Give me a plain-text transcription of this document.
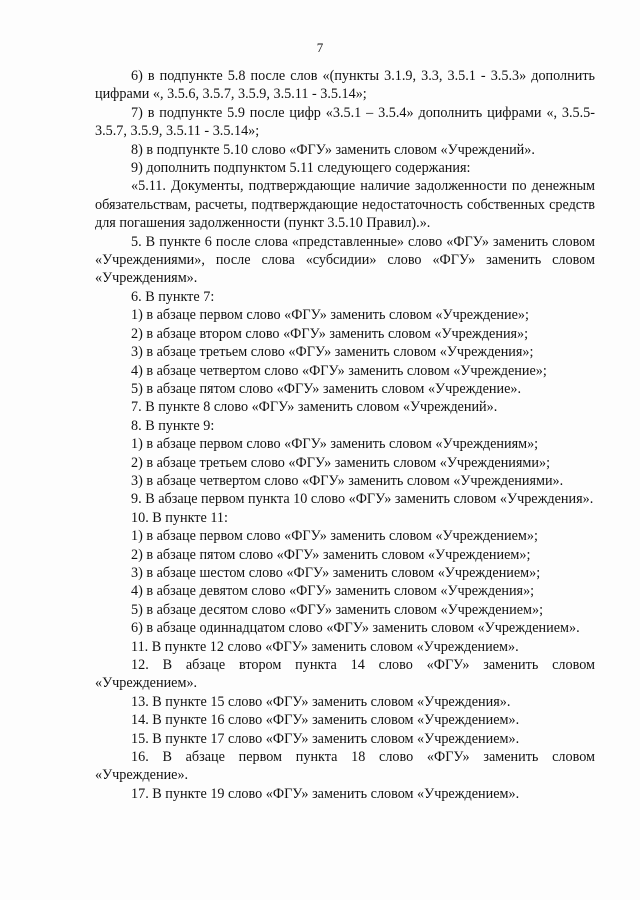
7

6) в подпункте 5.8 после слов «(пункты 3.1.9, 3.3, 3.5.1 - 3.5.3» дополнить цифрами «, 3.5.6, 3.5.7, 3.5.9, 3.5.11 - 3.5.14»;

7) в подпункте 5.9 после цифр «3.5.1 – 3.5.4» дополнить цифрами «, 3.5.5-3.5.7, 3.5.9, 3.5.11 - 3.5.14»;

8) в подпункте 5.10 слово «ФГУ» заменить словом «Учреждений».

9) дополнить подпунктом 5.11 следующего содержания:

«5.11. Документы, подтверждающие наличие задолженности по денежным обязательствам, расчеты, подтверждающие недостаточность собственных средств для погашения задолженности (пункт 3.5.10 Правил).».

5. В пункте 6 после слова «представленные» слово «ФГУ» заменить словом «Учреждениями», после слова «субсидии» слово «ФГУ» заменить словом «Учреждениям».

6. В пункте 7:

1) в абзаце первом слово «ФГУ» заменить словом «Учреждение»;

2) в абзаце втором слово «ФГУ» заменить словом «Учреждения»;

3) в абзаце третьем слово «ФГУ» заменить словом «Учреждения»;

4) в абзаце четвертом слово «ФГУ» заменить словом «Учреждение»;

5) в абзаце пятом слово «ФГУ» заменить словом «Учреждение».

7. В пункте 8 слово «ФГУ» заменить словом «Учреждений».

8. В пункте 9:

1) в абзаце первом слово «ФГУ» заменить словом «Учреждениям»;

2) в абзаце третьем слово «ФГУ» заменить словом «Учреждениями»;

3) в абзаце четвертом слово «ФГУ» заменить словом «Учреждениями».

9. В абзаце первом пункта 10 слово «ФГУ» заменить словом «Учреждения».

10. В пункте 11:

1) в абзаце первом слово «ФГУ» заменить словом «Учреждением»;

2) в абзаце пятом слово «ФГУ» заменить словом «Учреждением»;

3) в абзаце шестом слово «ФГУ» заменить словом «Учреждением»;

4) в абзаце девятом слово «ФГУ» заменить словом «Учреждения»;

5) в абзаце десятом слово «ФГУ» заменить словом «Учреждением»;

6) в абзаце одиннадцатом слово «ФГУ» заменить словом «Учреждением».

11. В пункте 12 слово «ФГУ» заменить словом «Учреждением».

12. В абзаце втором пункта 14 слово «ФГУ» заменить словом «Учреждением».

13. В пункте 15 слово «ФГУ» заменить словом «Учреждения».

14. В пункте 16 слово «ФГУ» заменить словом «Учреждением».

15. В пункте 17 слово «ФГУ» заменить словом «Учреждением».

16. В абзаце первом пункта 18 слово «ФГУ» заменить словом «Учреждение».

17. В пункте 19 слово «ФГУ» заменить словом «Учреждением».
